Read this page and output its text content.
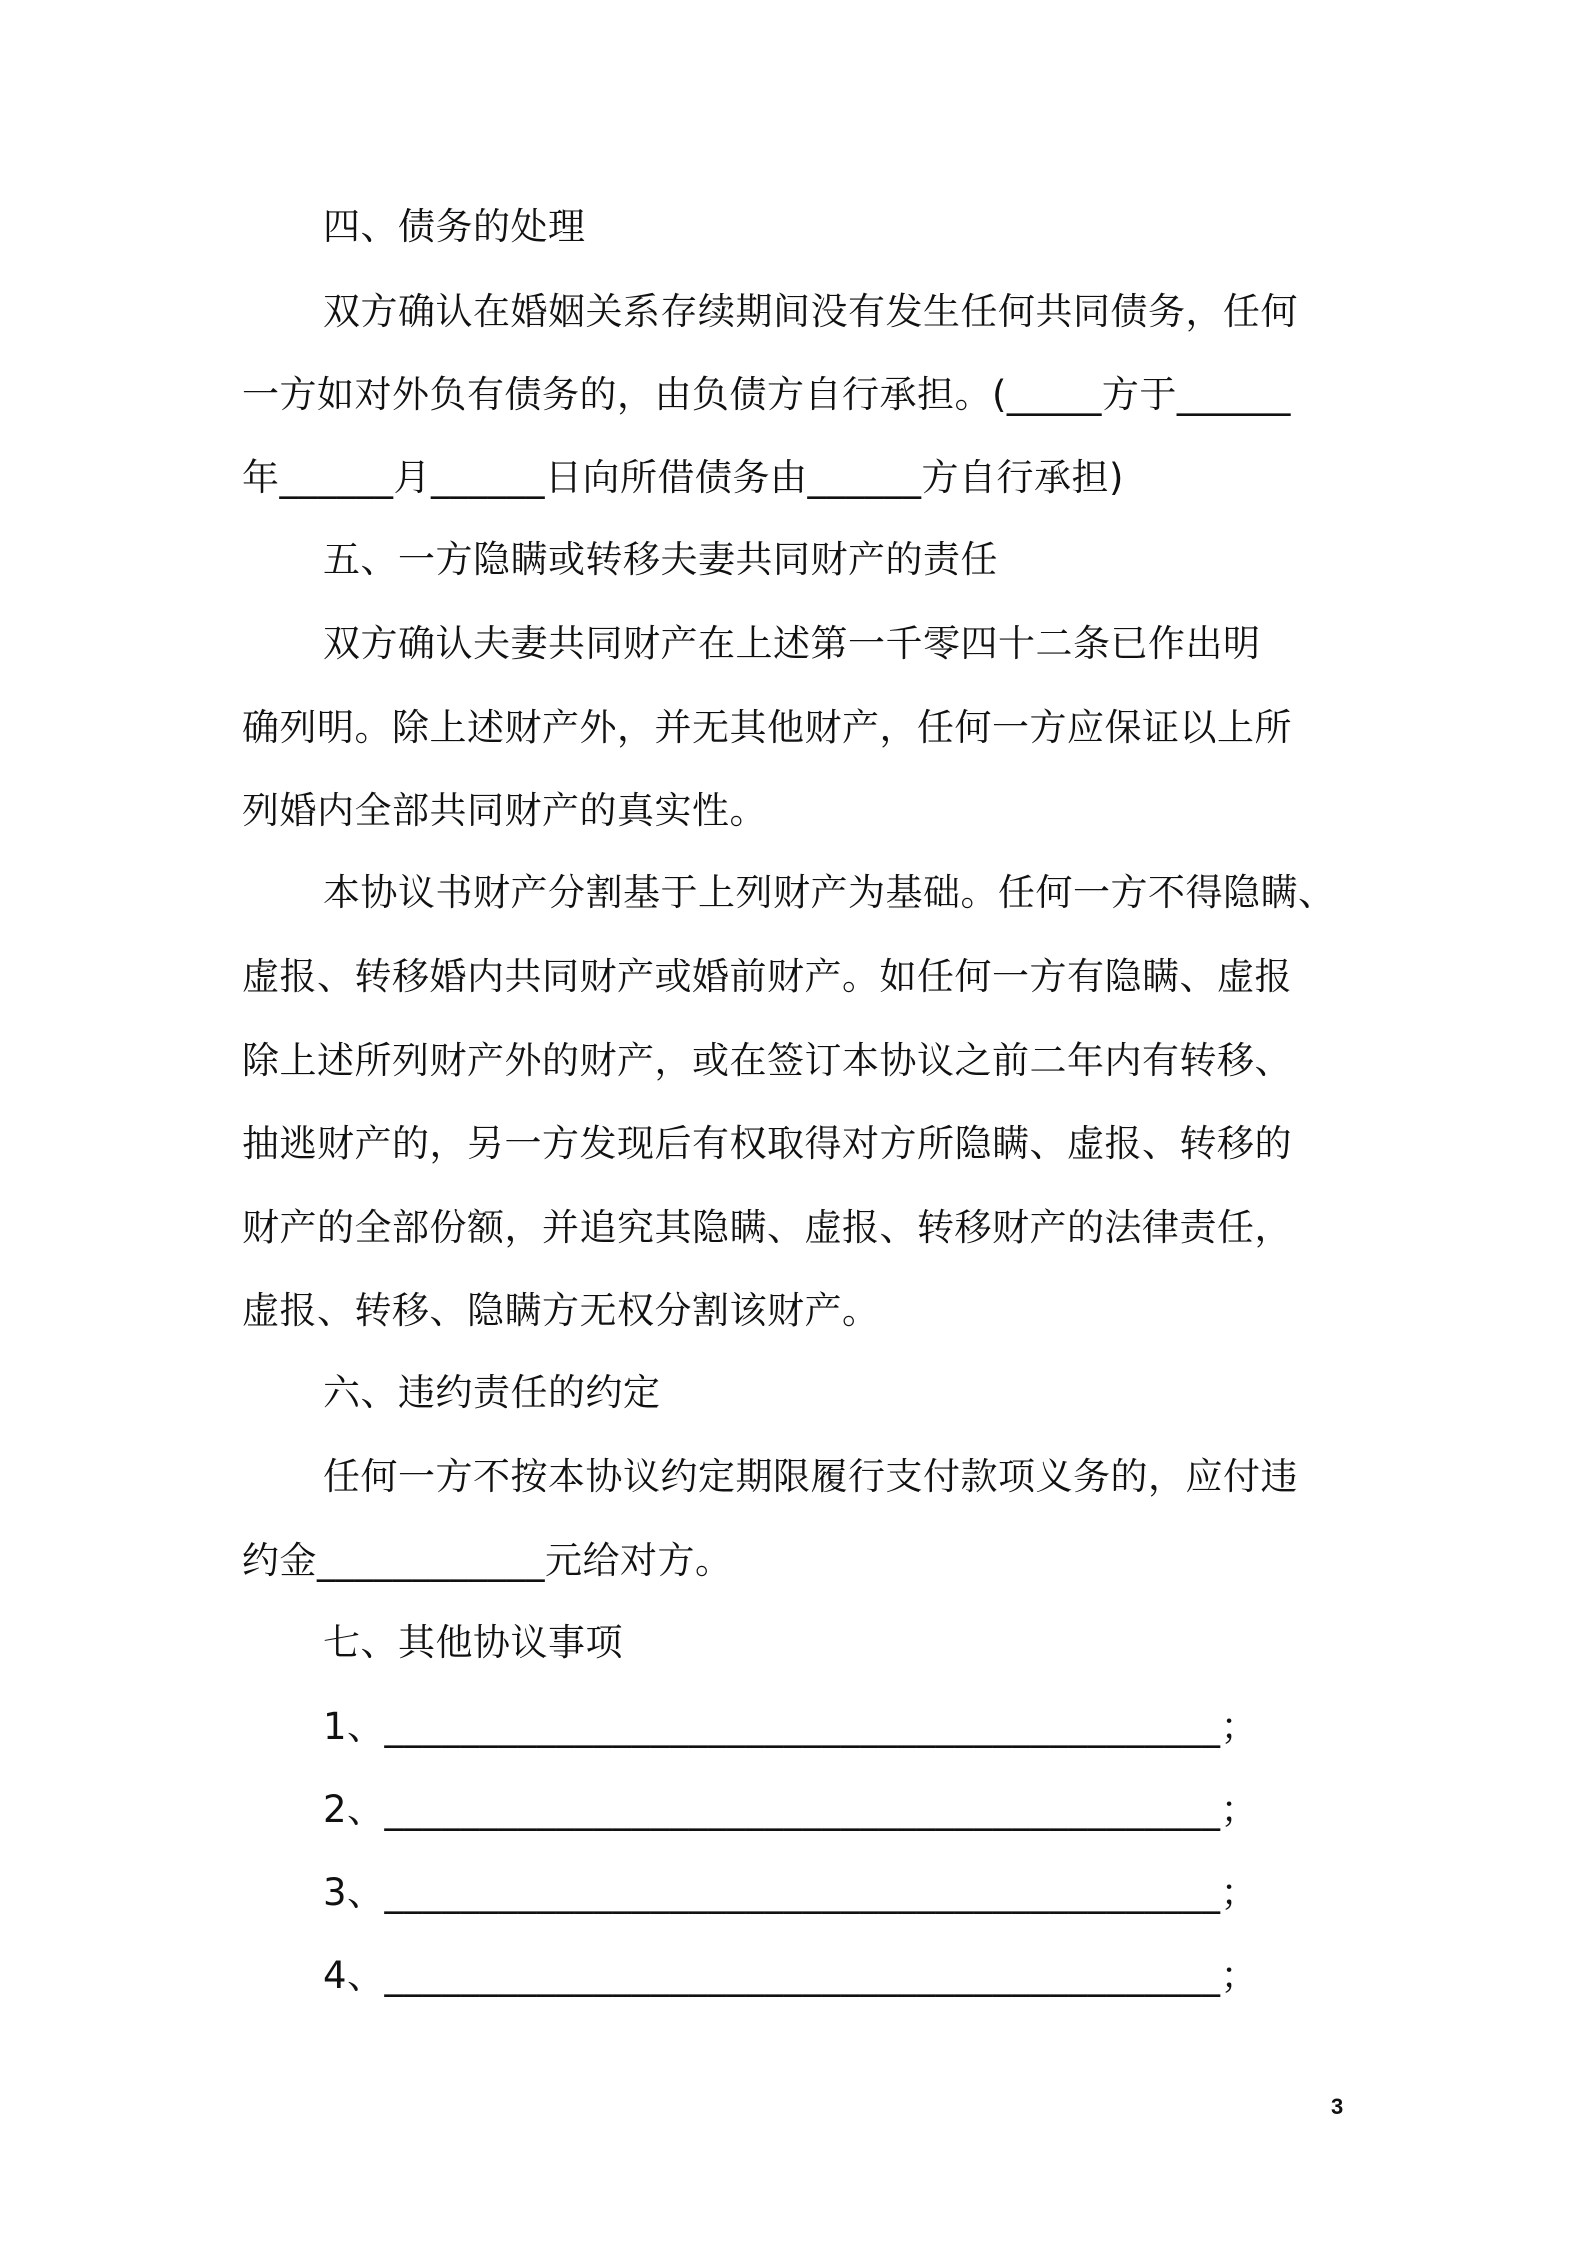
四、债务的处理
双方确认在婚姻关系存续期间没有发生任何共同债务，任何
一方如对外负有债务的，由负债方自行承担。(_____方于______
年______月______日向所借债务由______方自行承担)
五、一方隐瞒或转移夫妻共同财产的责任
双方确认夫妻共同财产在上述第一千零四十二条已作出明
确列明。除上述财产外，并无其他财产，任何一方应保证以上所
列婚内全部共同财产的真实性。
本协议书财产分割基于上列财产为基础。任何一方不得隐瞒、
虚报、转移婚内共同财产或婚前财产。如任何一方有隐瞒、虚报
除上述所列财产外的财产，或在签订本协议之前二年内有转移、
抽逃财产的，另一方发现后有权取得对方所隐瞒、虚报、转移的
财产的全部份额，并追究其隐瞒、虚报、转移财产的法律责任，
虚报、转移、隐瞒方无权分割该财产。
六、违约责任的约定
任何一方不按本协议约定期限履行支付款项义务的，应付违
约金____________元给对方。
七、其他协议事项
1、____________________________________________；
2、____________________________________________；
3、____________________________________________；
4、____________________________________________；
3
